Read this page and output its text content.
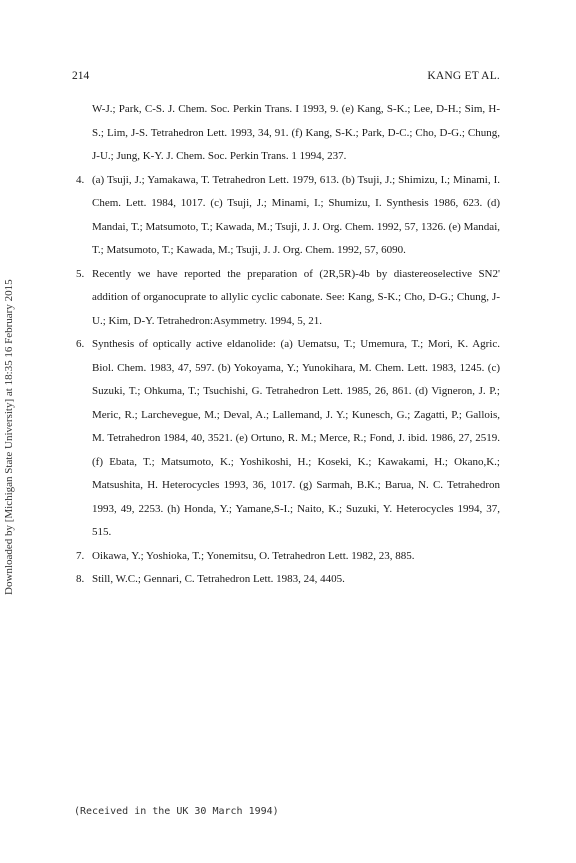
214	KANG ET AL.
Downloaded by [Michigan State University] at 18:35 16 February 2015
W-J.; Park, C-S. J. Chem. Soc. Perkin Trans. I 1993, 9. (e) Kang, S-K.; Lee, D-H.; Sim, H-S.; Lim, J-S. Tetrahedron Lett. 1993, 34, 91. (f) Kang, S-K.; Park, D-C.; Cho, D-G.; Chung, J-U.; Jung, K-Y. J. Chem. Soc. Perkin Trans. 1 1994, 237.
4. (a) Tsuji, J.; Yamakawa, T. Tetrahedron Lett. 1979, 613. (b) Tsuji, J.; Shimizu, I.; Minami, I. Chem. Lett. 1984, 1017. (c) Tsuji, J.; Minami, I.; Shumizu, I. Synthesis 1986, 623. (d) Mandai, T.; Matsumoto, T.; Kawada, M.; Tsuji, J. J. Org. Chem. 1992, 57, 1326. (e) Mandai, T.; Matsumoto, T.; Kawada, M.; Tsuji, J. J. Org. Chem. 1992, 57, 6090.
5. Recently we have reported the preparation of (2R,5R)-4b by diastereoselective SN2' addition of organocuprate to allylic cyclic cabonate. See: Kang, S-K.; Cho, D-G.; Chung, J-U.; Kim, D-Y. Tetrahedron:Asymmetry. 1994, 5, 21.
6. Synthesis of optically active eldanolide: (a) Uematsu, T.; Umemura, T.; Mori, K. Agric. Biol. Chem. 1983, 47, 597. (b) Yokoyama, Y.; Yunokihara, M. Chem. Lett. 1983, 1245. (c) Suzuki, T.; Ohkuma, T.; Tsuchishi, G. Tetrahedron Lett. 1985, 26, 861. (d) Vigneron, J. P.; Meric, R.; Larchevegue, M.; Deval, A.; Lallemand, J. Y.; Kunesch, G.; Zagatti, P.; Gallois, M. Tetrahedron 1984, 40, 3521. (e) Ortuno, R. M.; Merce, R.; Fond, J. ibid. 1986, 27, 2519. (f) Ebata, T.; Matsumoto, K.; Yoshikoshi, H.; Koseki, K.; Kawakami, H.; Okano,K.; Matsushita, H. Heterocycles 1993, 36, 1017. (g) Sarmah, B.K.; Barua, N. C. Tetrahedron 1993, 49, 2253. (h) Honda, Y.; Yamane,S-I.; Naito, K.; Suzuki, Y. Heterocycles 1994, 37, 515.
7. Oikawa, Y.; Yoshioka, T.; Yonemitsu, O. Tetrahedron Lett. 1982, 23, 885.
8. Still, W.C.; Gennari, C. Tetrahedron Lett. 1983, 24, 4405.
(Received in the UK 30 March 1994)
